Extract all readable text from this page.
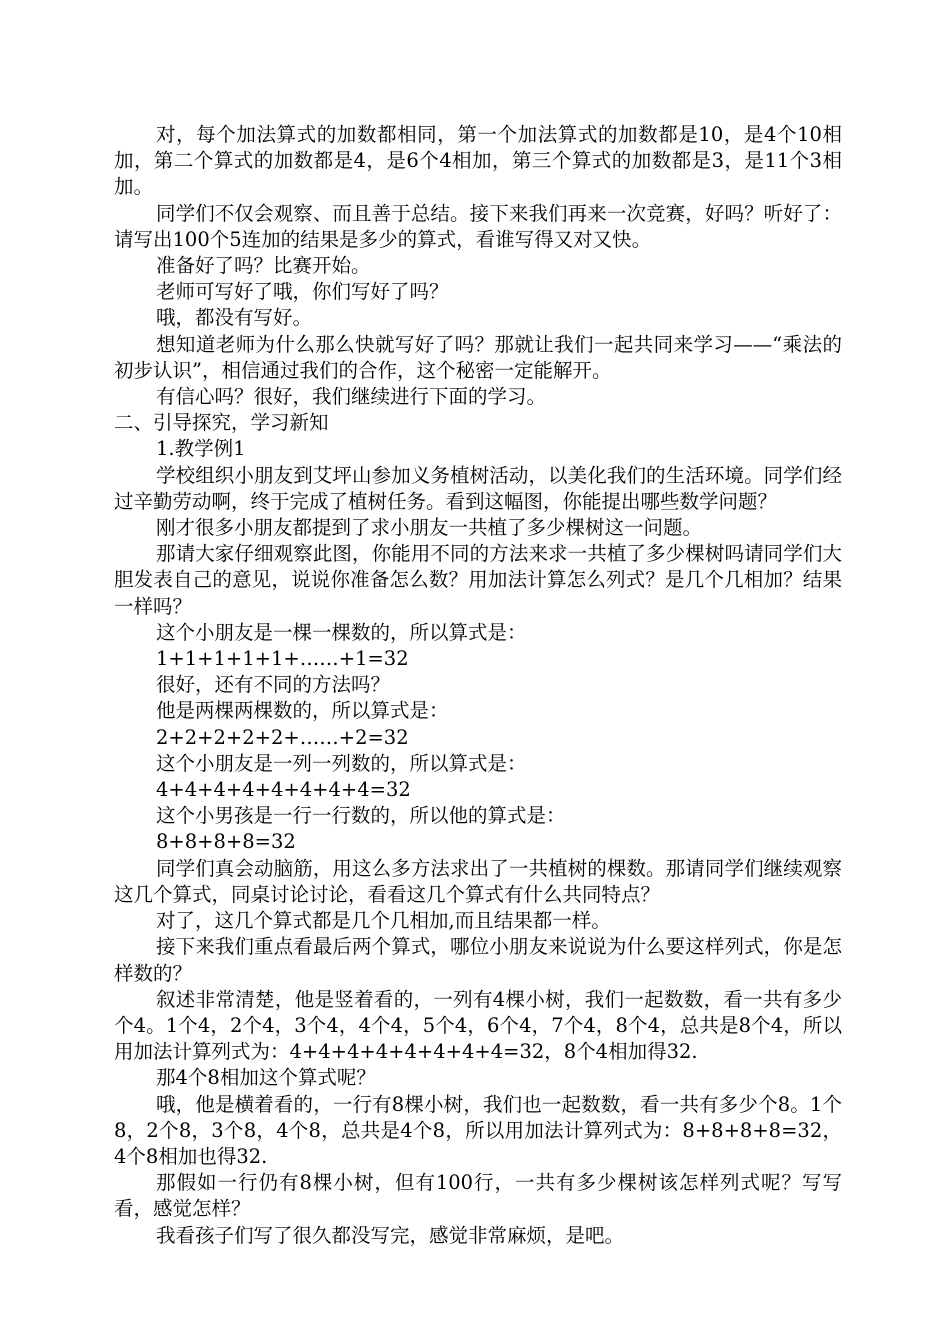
对，每个加法算式的加数都相同，第一个加法算式的加数都是10，是4个10相加，第二个算式的加数都是4，是6个4相加，第三个算式的加数都是3，是11个3相加。

同学们不仅会观察、而且善于总结。接下来我们再来一次竞赛，好吗？听好了：请写出100个5连加的结果是多少的算式，看谁写得又对又快。

准备好了吗？比赛开始。

老师可写好了哦，你们写好了吗？

哦，都没有写好。

想知道老师为什么那么快就写好了吗？那就让我们一起共同来学习——“乘法的初步认识”，相信通过我们的合作，这个秘密一定能解开。

有信心吗？很好，我们继续进行下面的学习。

二、引导探究，学习新知

1.教学例1

学校组织小朋友到艾坪山参加义务植树活动，以美化我们的生活环境。同学们经过辛勤劳动啊，终于完成了植树任务。看到这幅图，你能提出哪些数学问题？

刚才很多小朋友都提到了求小朋友一共植了多少棵树这一问题。

那请大家仔细观察此图，你能用不同的方法来求一共植了多少棵树吗请同学们大胆发表自己的意见，说说你准备怎么数？用加法计算怎么列式？是几个几相加？结果一样吗？

这个小朋友是一棵一棵数的，所以算式是：

1+1+1+1+1+……+1=32

很好，还有不同的方法吗？

他是两棵两棵数的，所以算式是：

2+2+2+2+2+……+2=32

这个小朋友是一列一列数的，所以算式是：

4+4+4+4+4+4+4+4=32

这个小男孩是一行一行数的，所以他的算式是：

8+8+8+8=32

同学们真会动脑筋，用这么多方法求出了一共植树的棵数。那请同学们继续观察这几个算式，同桌讨论讨论，看看这几个算式有什么共同特点？

对了，这几个算式都是几个几相加,而且结果都一样。

接下来我们重点看最后两个算式，哪位小朋友来说说为什么要这样列式，你是怎样数的？

叙述非常清楚，他是竖着看的，一列有4棵小树，我们一起数数，看一共有多少个4。1个4，2个4，3个4，4个4，5个4，6个4，7个4，8个4，总共是8个4，所以用加法计算列式为：4+4+4+4+4+4+4+4=32，8个4相加得32.

那4个8相加这个算式呢？

哦，他是横着看的，一行有8棵小树，我们也一起数数，看一共有多少个8。1个8，2个8，3个8，4个8，总共是4个8，所以用加法计算列式为：8+8+8+8=32，4个8相加也得32.

那假如一行仍有8棵小树，但有100行，一共有多少棵树该怎样列式呢？写写看，感觉怎样？

我看孩子们写了很久都没写完，感觉非常麻烦，是吧。
